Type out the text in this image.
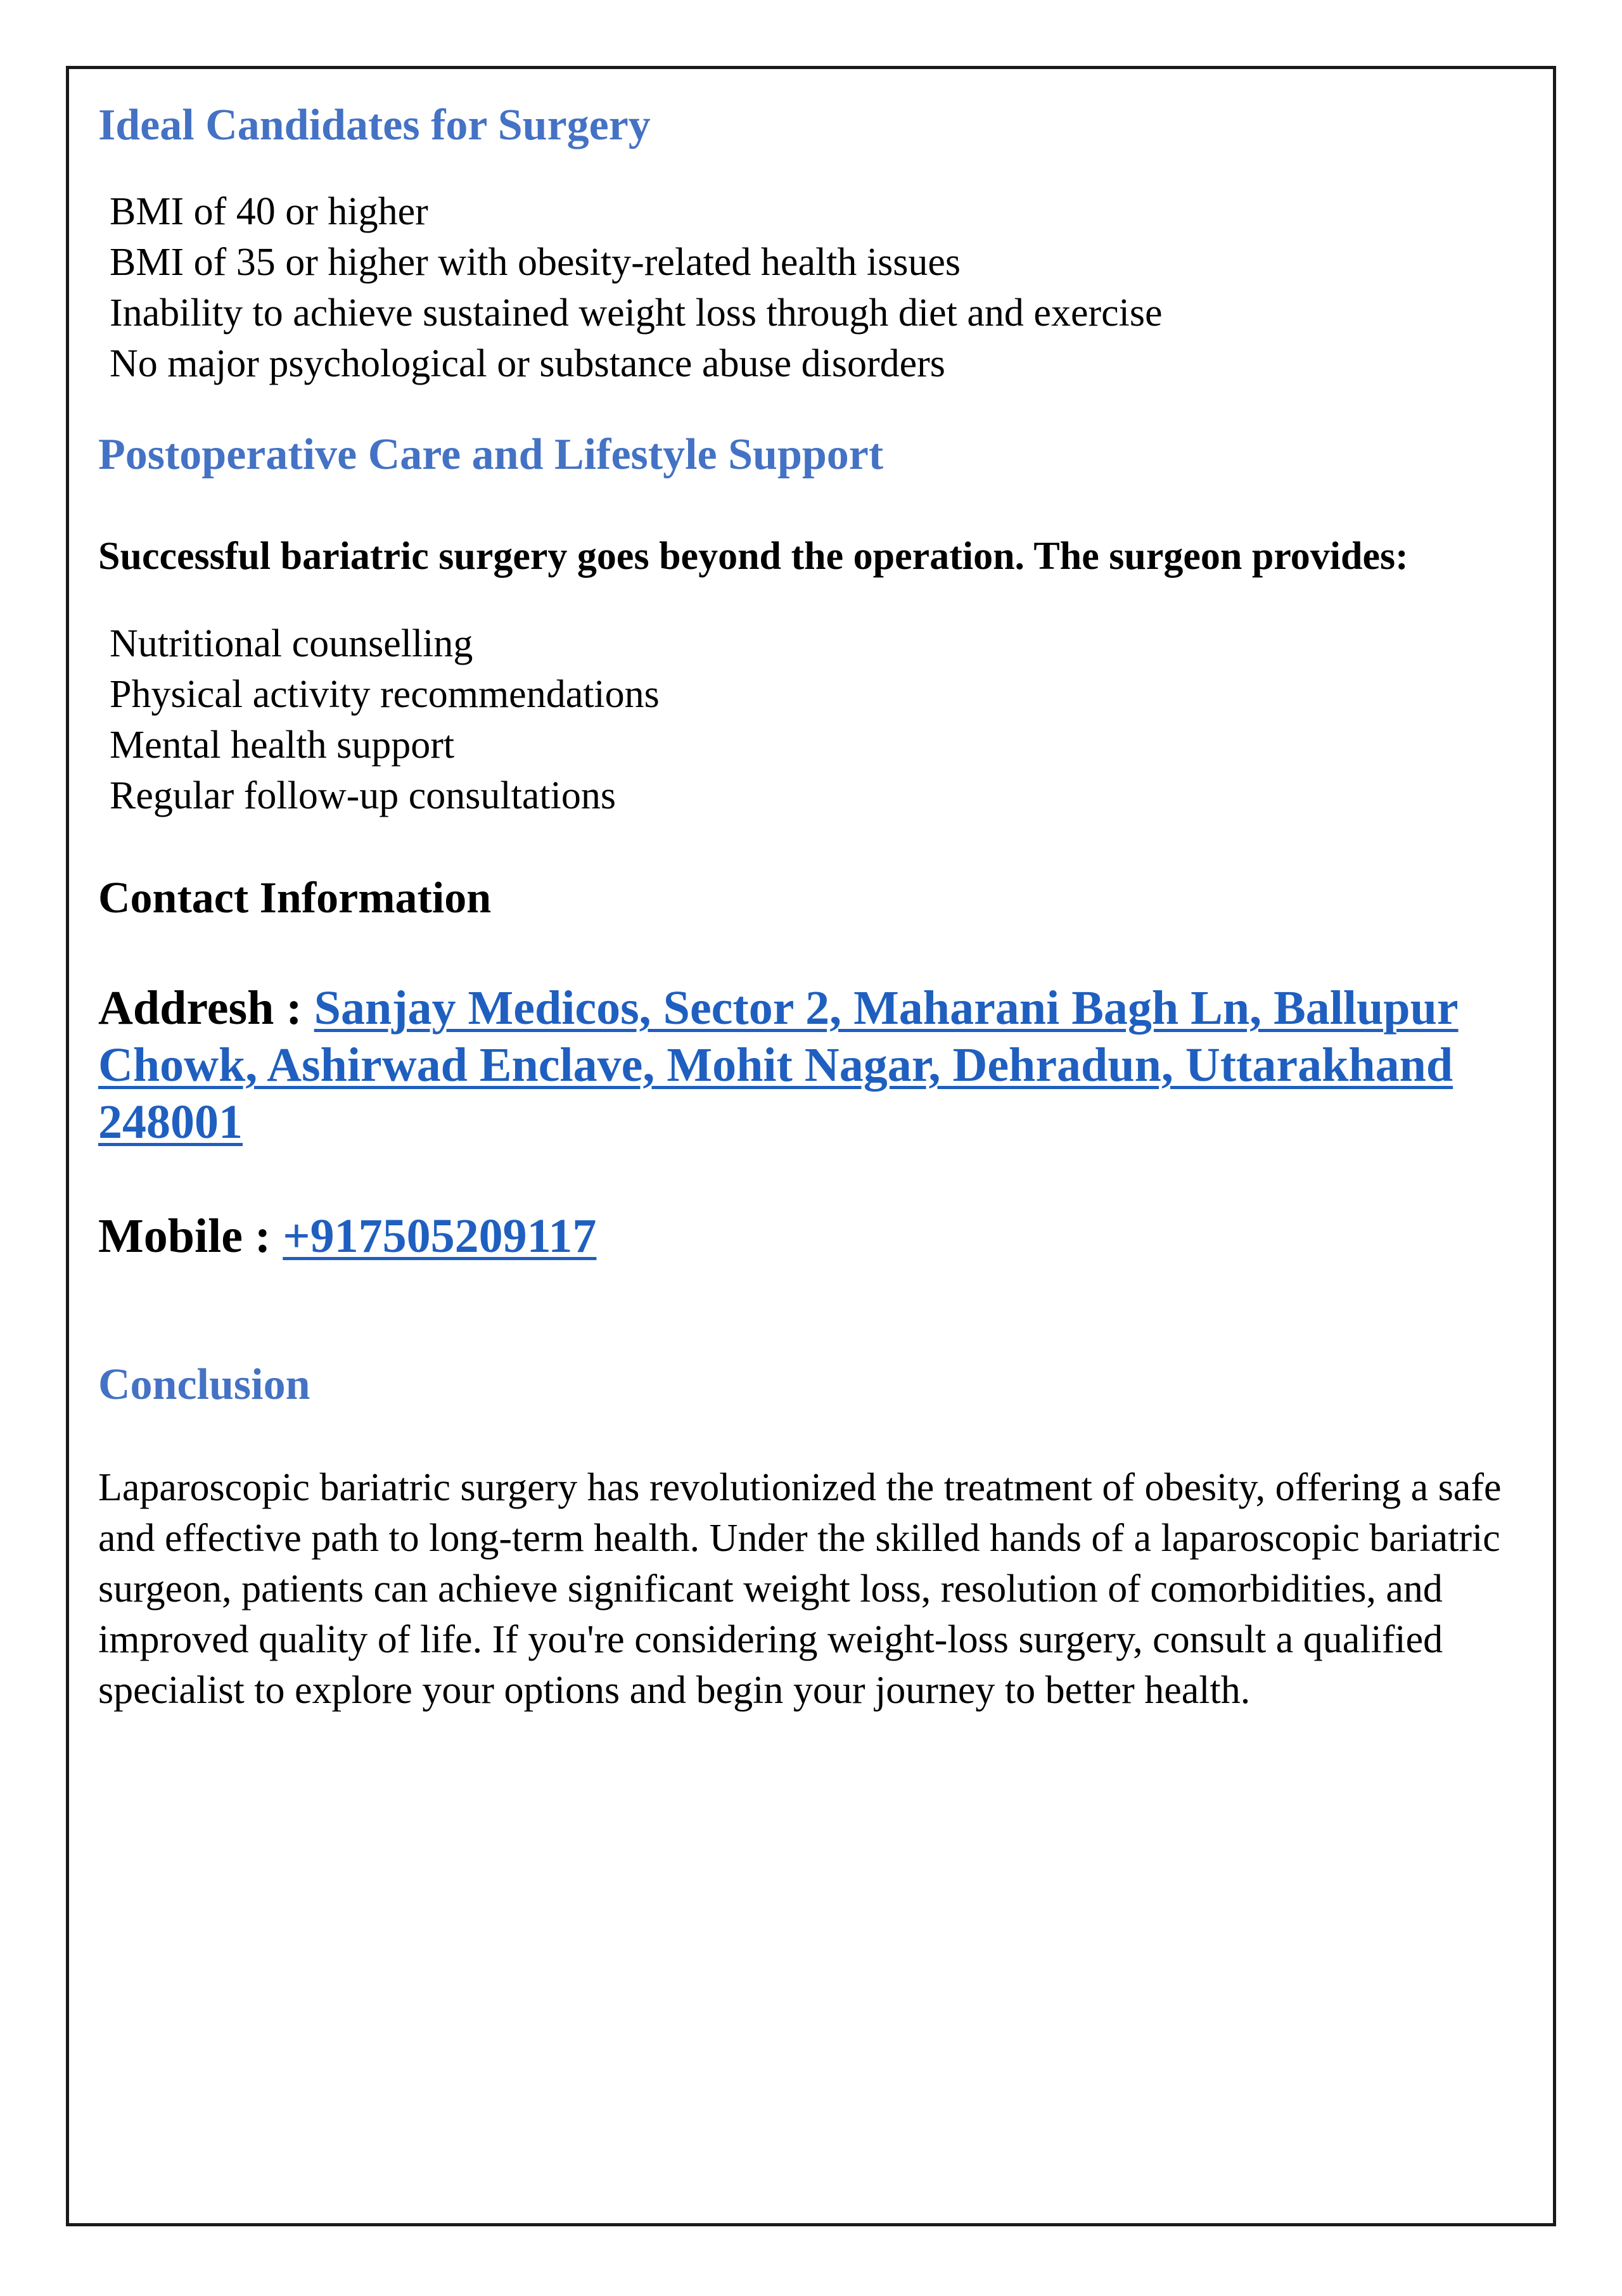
Ideal Candidates for Surgery
BMI of 40 or higher
BMI of 35 or higher with obesity-related health issues
Inability to achieve sustained weight loss through diet and exercise
No major psychological or substance abuse disorders
Postoperative Care and Lifestyle Support

Successful bariatric surgery goes beyond the operation. The surgeon provides:

Nutritional counselling
Physical activity recommendations
Mental health support
Regular follow-up consultations
Contact Information

Addresh : Sanjay Medicos, Sector 2, Maharani Bagh Ln, Ballupur Chowk, Ashirwad Enclave, Mohit Nagar, Dehradun, Uttarakhand 248001

Mobile : +917505209117

Conclusion

Laparoscopic bariatric surgery has revolutionized the treatment of obesity, offering a safe and effective path to long-term health. Under the skilled hands of a laparoscopic bariatric surgeon, patients can achieve significant weight loss, resolution of comorbidities, and improved quality of life. If you're considering weight-loss surgery, consult a qualified specialist to explore your options and begin your journey to better health.
